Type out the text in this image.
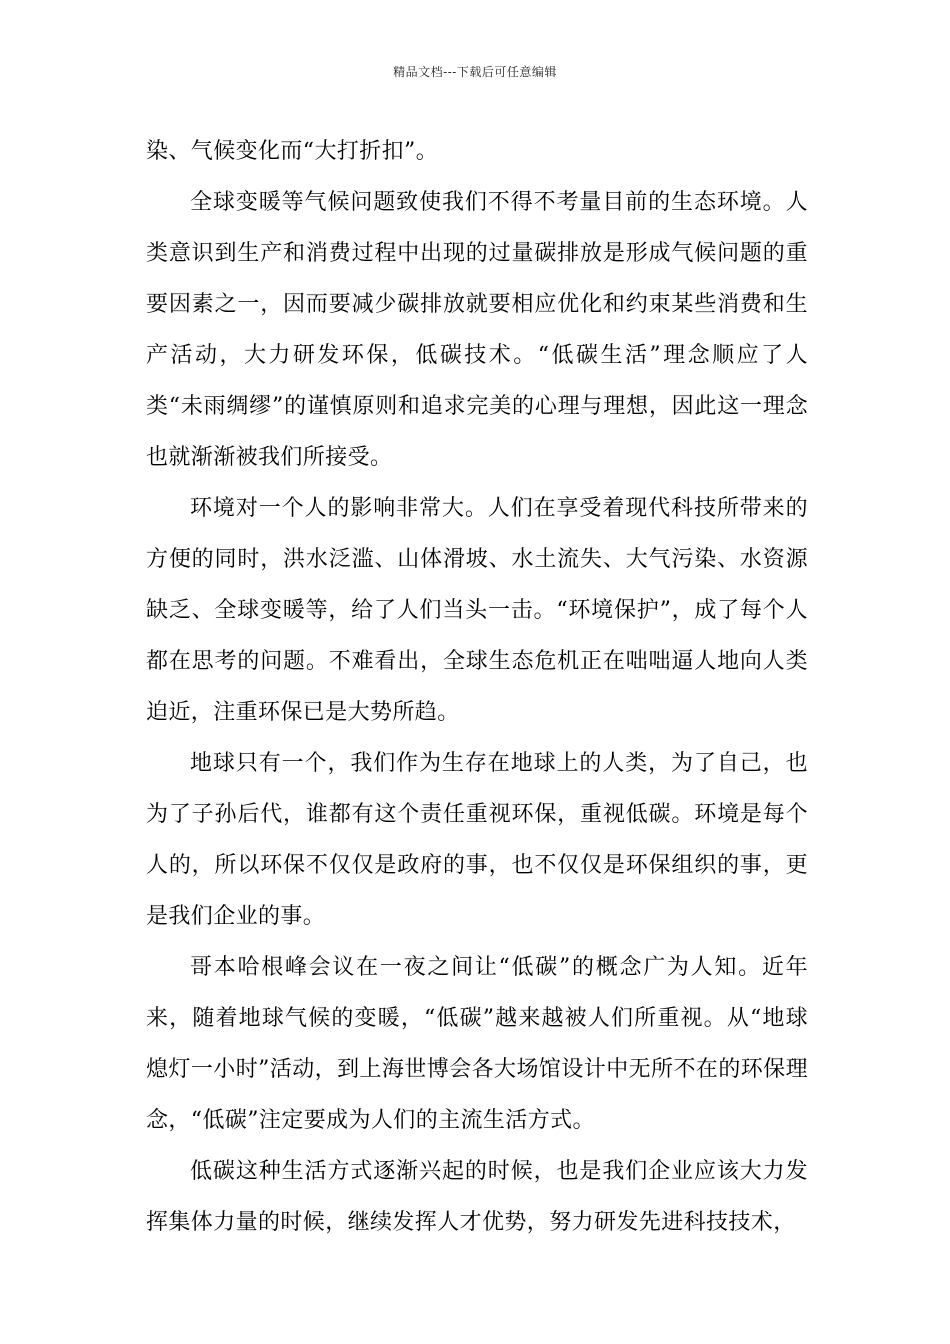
精品文档---下载后可任意编辑

染、气候变化而“大打折扣”。

全球变暖等气候问题致使我们不得不考量目前的生态环境。人类意识到生产和消费过程中出现的过量碳排放是形成气候问题的重要因素之一，因而要减少碳排放就要相应优化和约束某些消费和生产活动，大力研发环保，低碳技术。“低碳生活”理念顺应了人类“未雨绸缪”的谨慎原则和追求完美的心理与理想，因此这一理念也就渐渐被我们所接受。

环境对一个人的影响非常大。人们在享受着现代科技所带来的方便的同时，洪水泛滥、山体滑坡、水土流失、大气污染、水资源缺乏、全球变暖等，给了人们当头一击。“环境保护”，成了每个人都在思考的问题。不难看出，全球生态危机正在咄咄逼人地向人类迫近，注重环保已是大势所趋。

地球只有一个，我们作为生存在地球上的人类，为了自己，也为了子孙后代，谁都有这个责任重视环保，重视低碳。环境是每个人的，所以环保不仅仅是政府的事，也不仅仅是环保组织的事，更是我们企业的事。

哥本哈根峰会议在一夜之间让“低碳”的概念广为人知。近年来，随着地球气候的变暖，“低碳”越来越被人们所重视。从“地球熄灯一小时”活动，到上海世博会各大场馆设计中无所不在的环保理念，“低碳”注定要成为人们的主流生活方式。

低碳这种生活方式逐渐兴起的时候，也是我们企业应该大力发挥集体力量的时候，继续发挥人才优势，努力研发先进科技技术，
